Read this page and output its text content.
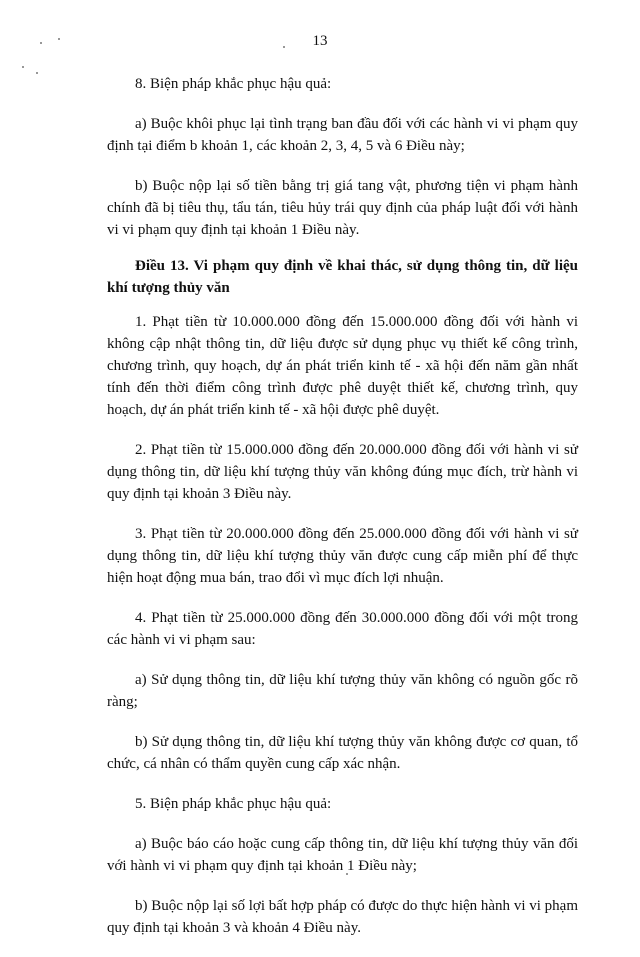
13

8. Biện pháp khắc phục hậu quả:

a) Buộc khôi phục lại tình trạng ban đầu đối với các hành vi vi phạm quy định tại điểm b khoản 1, các khoản 2, 3, 4, 5 và 6 Điều này;

b) Buộc nộp lại số tiền bằng trị giá tang vật, phương tiện vi phạm hành chính đã bị tiêu thụ, tẩu tán, tiêu hủy trái quy định của pháp luật đối với hành vi vi phạm quy định tại khoản 1 Điều này.

Điều 13. Vi phạm quy định về khai thác, sử dụng thông tin, dữ liệu khí tượng thủy văn

1. Phạt tiền từ 10.000.000 đồng đến 15.000.000 đồng đối với hành vi không cập nhật thông tin, dữ liệu được sử dụng phục vụ thiết kế công trình, chương trình, quy hoạch, dự án phát triển kinh tế - xã hội đến năm gần nhất tính đến thời điểm công trình được phê duyệt thiết kế, chương trình, quy hoạch, dự án phát triển kinh tế - xã hội được phê duyệt.

2. Phạt tiền từ 15.000.000 đồng đến 20.000.000 đồng đối với hành vi sử dụng thông tin, dữ liệu khí tượng thủy văn không đúng mục đích, trừ hành vi quy định tại khoản 3 Điều này.

3. Phạt tiền từ 20.000.000 đồng đến 25.000.000 đồng đối với hành vi sử dụng thông tin, dữ liệu khí tượng thủy văn được cung cấp miễn phí để thực hiện hoạt động mua bán, trao đổi vì mục đích lợi nhuận.

4. Phạt tiền từ 25.000.000 đồng đến 30.000.000 đồng đối với một trong các hành vi vi phạm sau:

a) Sử dụng thông tin, dữ liệu khí tượng thủy văn không có nguồn gốc rõ ràng;

b) Sử dụng thông tin, dữ liệu khí tượng thủy văn không được cơ quan, tổ chức, cá nhân có thẩm quyền cung cấp xác nhận.

5. Biện pháp khắc phục hậu quả:

a) Buộc báo cáo hoặc cung cấp thông tin, dữ liệu khí tượng thủy văn đối với hành vi vi phạm quy định tại khoản 1 Điều này;

b) Buộc nộp lại số lợi bất hợp pháp có được do thực hiện hành vi vi phạm quy định tại khoản 3 và khoản 4 Điều này.
